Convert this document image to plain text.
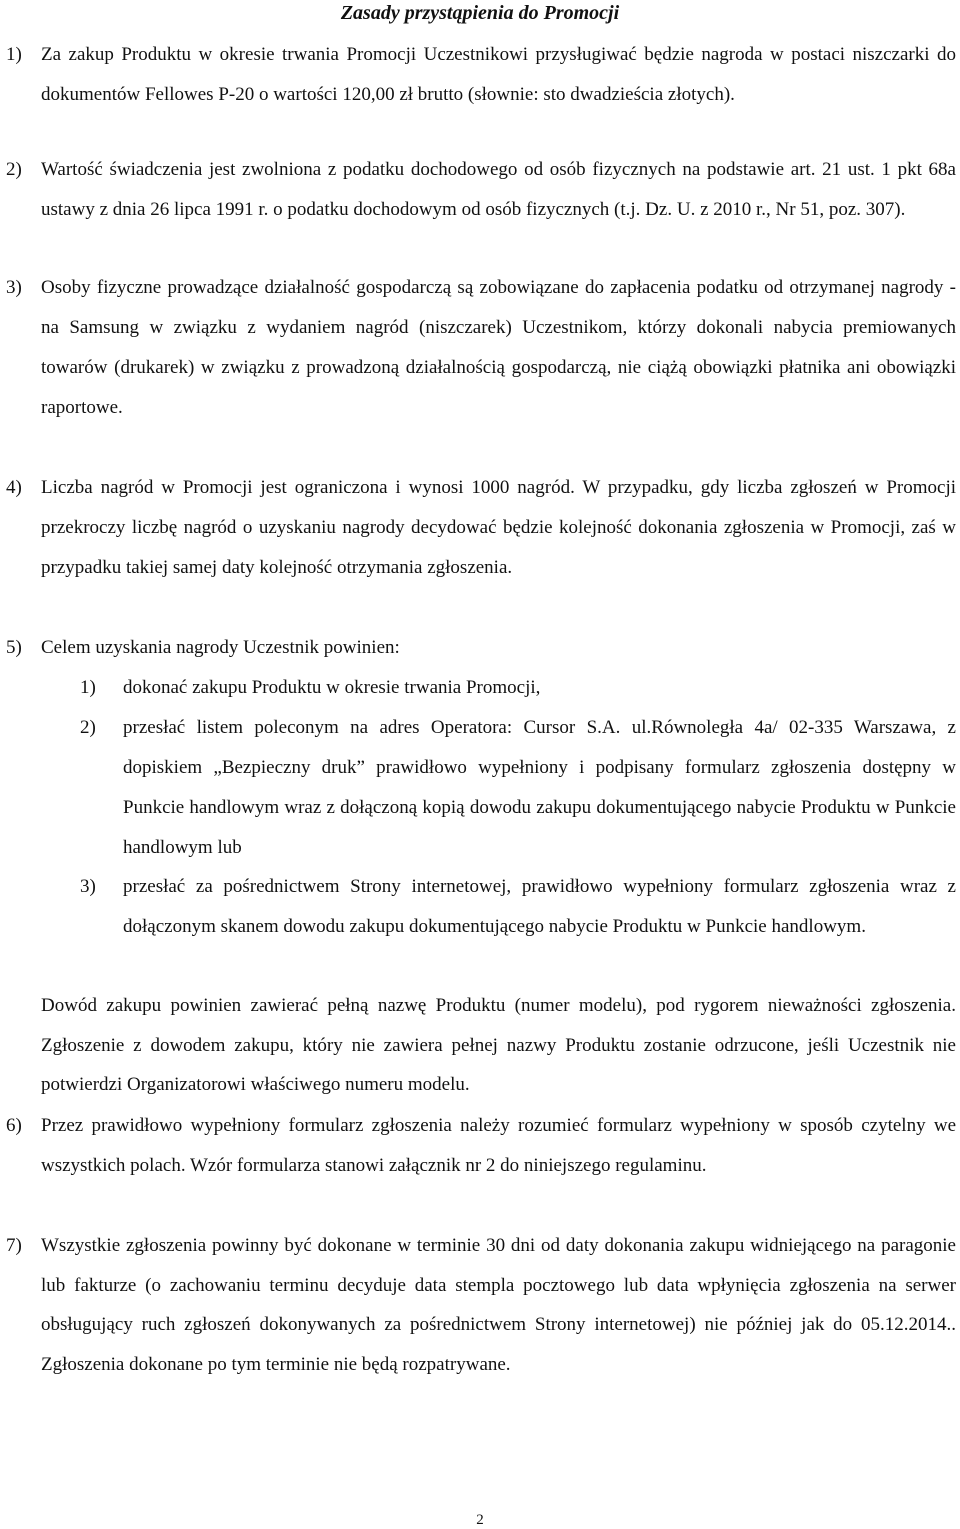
Zasady przystąpienia do Promocji
1) Za zakup Produktu w okresie trwania Promocji Uczestnikowi przysługiwać będzie nagroda w postaci niszczarki do dokumentów Fellowes P-20 o wartości 120,00 zł brutto (słownie: sto dwadzieścia złotych).
2) Wartość świadczenia jest zwolniona z podatku dochodowego od osób fizycznych na podstawie art. 21 ust. 1 pkt 68a ustawy z dnia 26 lipca 1991 r. o podatku dochodowym od osób fizycznych (t.j. Dz. U. z 2010 r., Nr 51, poz. 307).
3) Osoby fizyczne prowadzące działalność gospodarczą są zobowiązane do zapłacenia podatku od otrzymanej nagrody - na Samsung w związku z wydaniem nagród (niszczarek) Uczestnikom, którzy dokonali nabycia premiowanych towarów (drukarek) w związku z prowadzoną działalnością gospodarczą, nie ciążą obowiązki płatnika ani obowiązki raportowe.
4) Liczba nagród w Promocji jest ograniczona i wynosi 1000 nagród. W przypadku, gdy liczba zgłoszeń w Promocji przekroczy liczbę nagród o uzyskaniu nagrody decydować będzie kolejność dokonania zgłoszenia w Promocji, zaś w przypadku takiej samej daty kolejność otrzymania zgłoszenia.
5) Celem uzyskania nagrody Uczestnik powinien:
1) dokonać zakupu Produktu w okresie trwania Promocji,
2) przesłać listem poleconym na adres Operatora: Cursor S.A. ul.Równoległa 4a/ 02-335 Warszawa, z dopiskiem „Bezpieczny druk” prawidłowo wypełniony i podpisany formularz zgłoszenia dostępny w Punkcie handlowym wraz z dołączoną kopią dowodu zakupu dokumentującego nabycie Produktu w Punkcie handlowym lub
3) przesłać za pośrednictwem Strony internetowej, prawidłowo wypełniony formularz zgłoszenia wraz z dołączonym skanem dowodu zakupu dokumentującego nabycie Produktu w Punkcie handlowym.
Dowód zakupu powinien zawierać pełną nazwę Produktu (numer modelu), pod rygorem nieważności zgłoszenia. Zgłoszenie z dowodem zakupu, który nie zawiera pełnej nazwy Produktu zostanie odrzucone, jeśli Uczestnik nie potwierdzi Organizatorowi właściwego numeru modelu.
6) Przez prawidłowo wypełniony formularz zgłoszenia należy rozumieć formularz wypełniony w sposób czytelny we wszystkich polach. Wzór formularza stanowi załącznik nr 2 do niniejszego regulaminu.
7) Wszystkie zgłoszenia powinny być dokonane w terminie 30 dni od daty dokonania zakupu widniejącego na paragonie lub fakturze (o zachowaniu terminu decyduje data stempla pocztowego lub data wpłynięcia zgłoszenia na serwer obsługujący ruch zgłoszeń dokonywanych za pośrednictwem Strony internetowej) nie później jak do 05.12.2014.. Zgłoszenia dokonane po tym terminie nie będą rozpatrywane.
2
